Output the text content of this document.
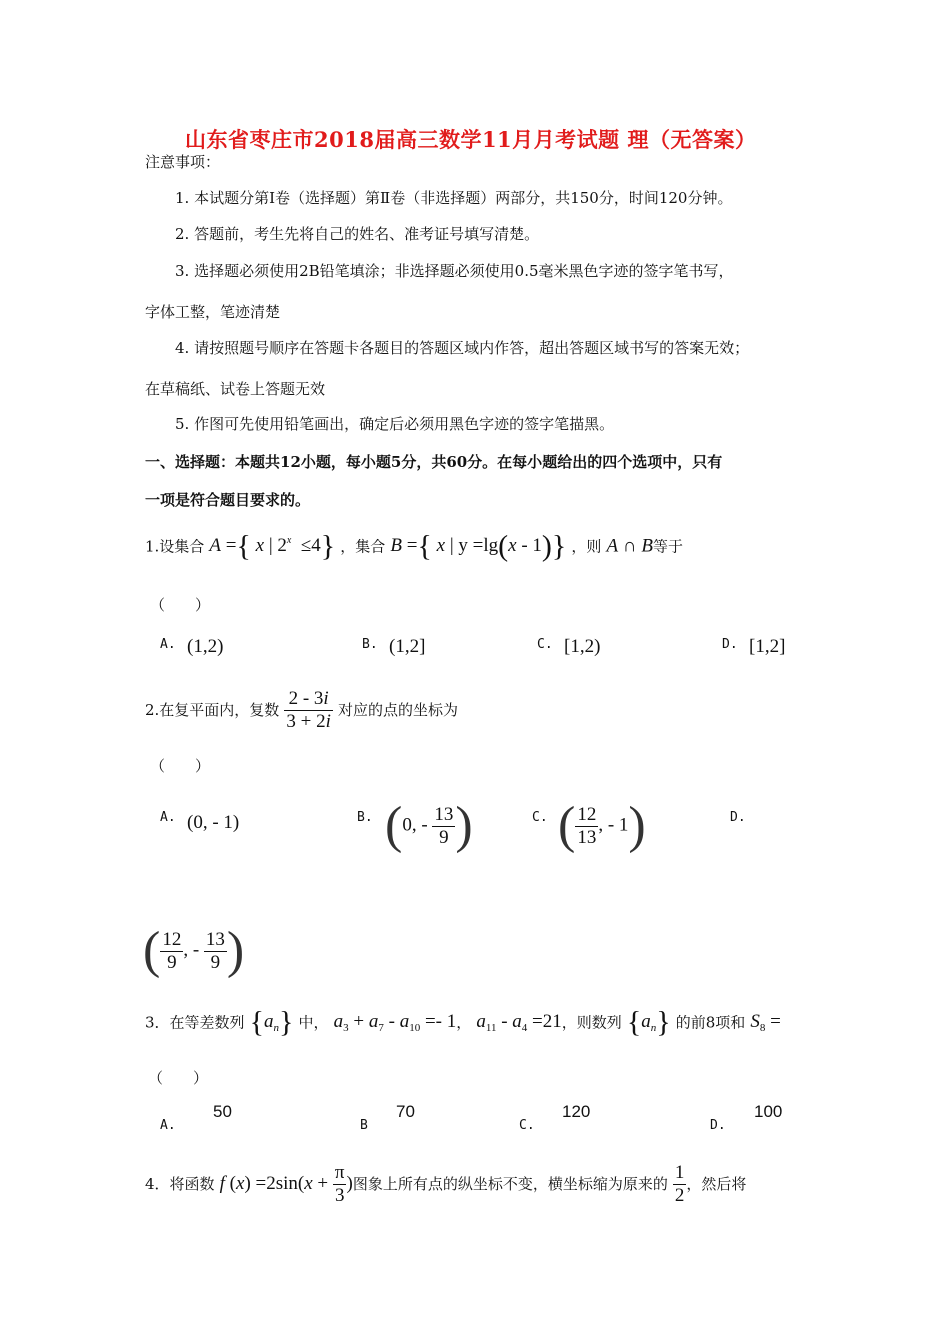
山东省枣庄市2018届高三数学11月月考试题 理（无答案）
注意事项：
1. 本试题分第Ⅰ卷（选择题）第Ⅱ卷（非选择题）两部分，共150分，时间120分钟。
2. 答题前，考生先将自己的姓名、准考证号填写清楚。
3. 选择题必须使用2B铅笔填涂；非选择题必须使用0.5毫米黑色字迹的签字笔书写，
字体工整，笔迹清楚
4. 请按照题号顺序在答题卡各题目的答题区域内作答，超出答题区域书写的答案无效；
在草稿纸、试卷上答题无效
5. 作图可先使用铅笔画出，确定后必须用黑色字迹的签字笔描黑。
一、选择题：本题共12小题，每小题5分，共60分。在每小题给出的四个选项中，只有
一项是符合题目要求的。
1.设集合 A ={ x | 2$^x$  ≤4} ，集合 B ={ x | y =lg(x - 1)} ，则 A ∩ B等于
（　　）
A. (1,2)	B. (1,2]	C. [1,2)	D. [1,2]
2.在复平面内，复数 $\frac{2 - 3i}{3 + 2i}$ 对应的点的坐标为
（　　）
A. (0, - 1)	B. (0, - $\frac{13}{9}$ )	C. ( $\frac{12}{13}$ , - 1)	D.
( $\frac{12}{9}$ , - $\frac{13}{9}$ )
3．在等差数列 $\{a_n\}$ 中， $a_3 + a_7 - a_{10} =- 1$， $a_{11} - a_4 =21$，则数列 $\{a_n\}$ 的前8项和 $S_8$ =
（　　）
A.
50
B
70
C.
120
D.
100
4．将函数 f $(x) =2\sin(x + \frac{\pi}{3}$ )图象上所有点的纵坐标不变，横坐标缩为原来的 $\frac{1}{2}$ ，然后将
